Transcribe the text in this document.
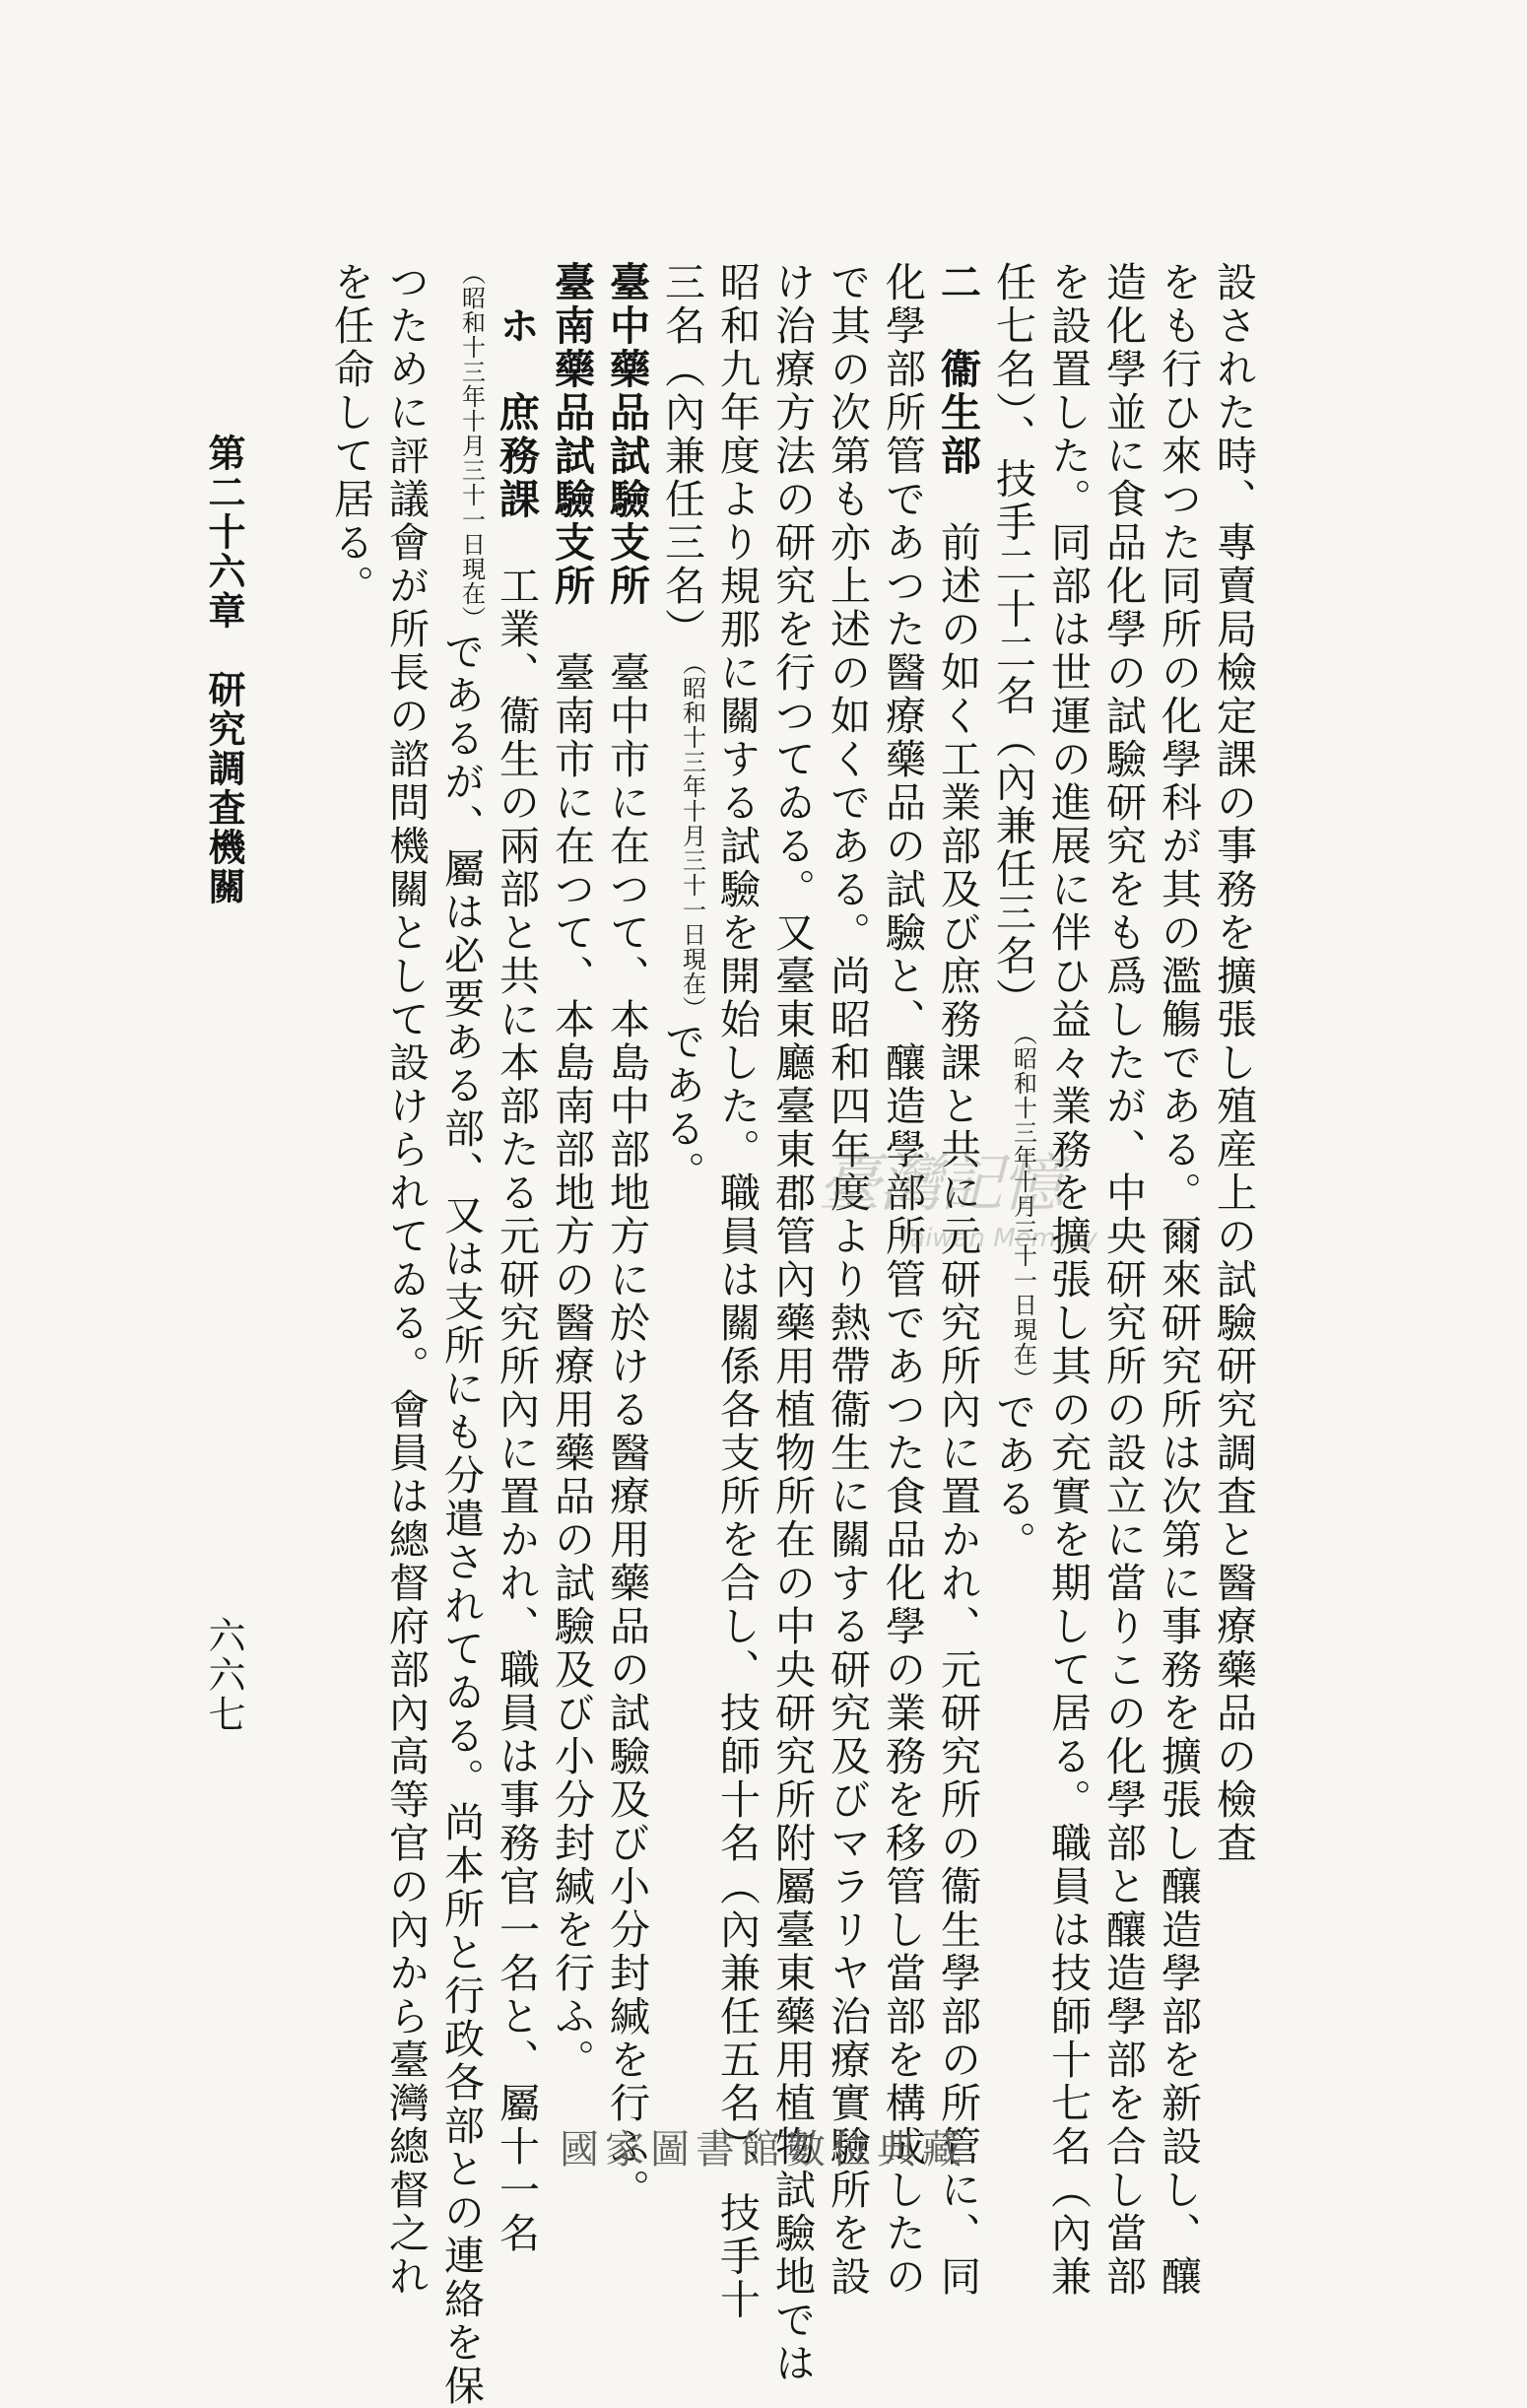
設された時、專賣局檢定課の事務を擴張し殖産上の試驗研究調査と醫療藥品の檢査
をも行ひ來つた同所の化學科が其の濫觴である。爾來研究所は次第に事務を擴張し釀造學部を新設し、釀
造化學並に食品化學の試驗研究をも爲したが、中央研究所の設立に當りこの化學部と釀造學部を合し當部
を設置した。同部は世運の進展に伴ひ益々業務を擴張し其の充實を期して居る。職員は技師十七名（內兼
任七名）、技手二十二名（內兼任三名）（昭和十三年十月三十一日現在）である。
二　衞生部　前述の如く工業部及び庶務課と共に元研究所內に置かれ、元研究所の衞生學部の所管に、同
化學部所管であつた醫療藥品の試驗と、釀造學部所管であつた食品化學の業務を移管し當部を構成したの
で其の次第も亦上述の如くである。尚昭和四年度より熱帶衞生に關する研究及びマラリヤ治療實驗所を設
け治療方法の研究を行つてゐる。又臺東廳臺東郡管內藥用植物所在の中央研究所附屬臺東藥用植物試驗地では
昭和九年度より規那に關する試驗を開始した。職員は關係各支所を合し、技師十名（內兼任五名）、技手十
三名（內兼任三名）（昭和十三年十月三十一日現在）である。
臺中藥品試驗支所　臺中市に在つて、本島中部地方に於ける醫療用藥品の試驗及び小分封緘を行ふ。
臺南藥品試驗支所　臺南市に在つて、本島南部地方の醫療用藥品の試驗及び小分封緘を行ふ。
　ホ　庶務課　工業、衞生の兩部と共に本部たる元研究所內に置かれ、職員は事務官一名と、屬十一名
（昭和十三年十月三十一日現在）であるが、屬は必要ある部、又は支所にも分遣されてゐる。尚本所と行政各部との連絡を保
つために評議會が所長の諮問機關として設けられてゐる。會員は總督府部內高等官の內から臺灣總督之れ
を任命して居る。
第二十六章　研究調査機關
六六七
臺灣記憶
Taiwan Memory
國家圖書館數位典藏
